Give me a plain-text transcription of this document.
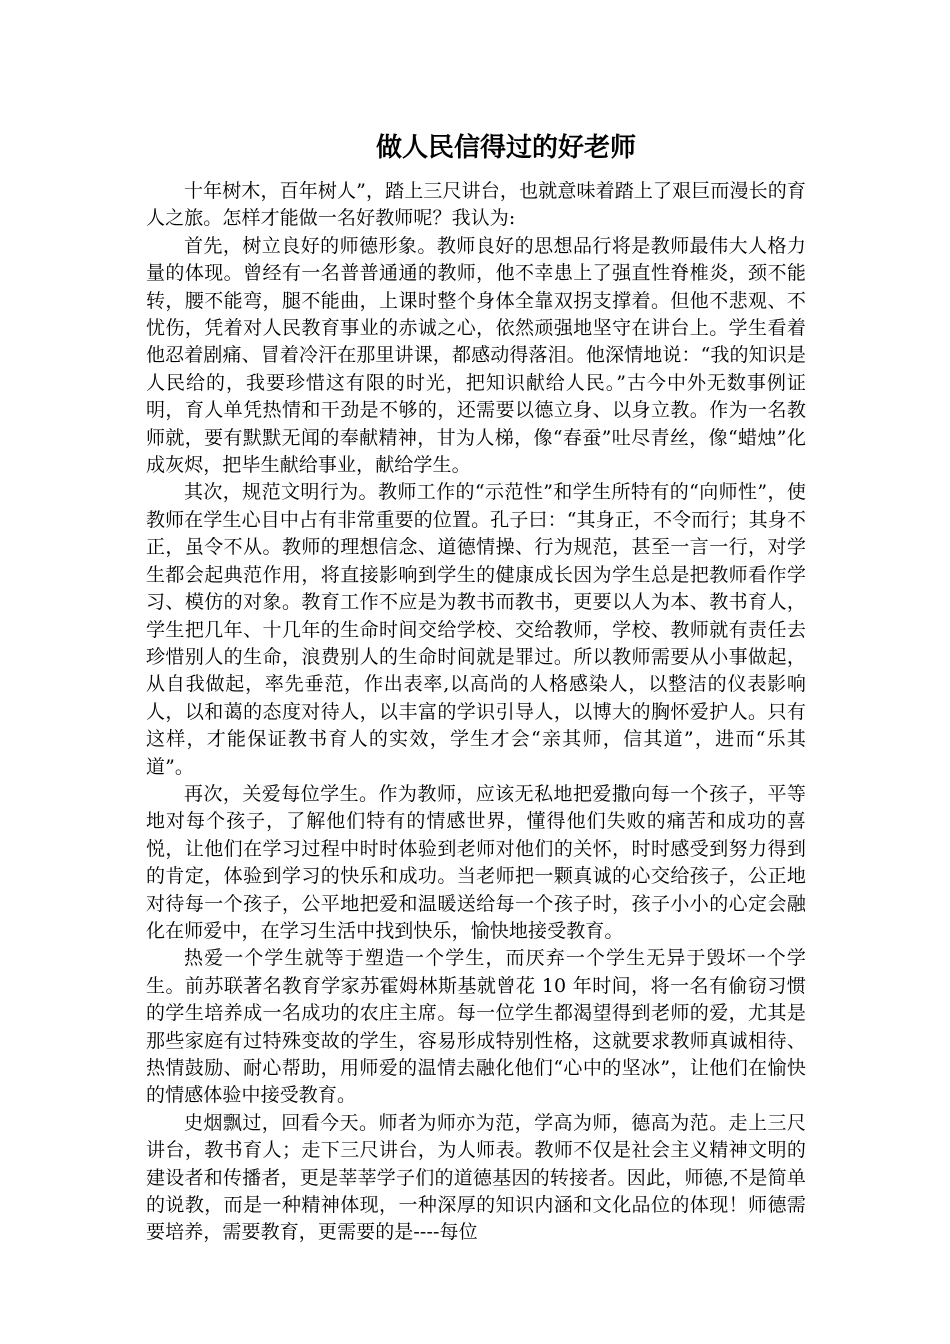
做人民信得过的好老师

十年树木，百年树人”，踏上三尺讲台，也就意味着踏上了艰巨而漫长的育人之旅。怎样才能做一名好教师呢？我认为:

首先，树立良好的师德形象。教师良好的思想品行将是教师最伟大人格力量的体现。曾经有一名普普通通的教师，他不幸患上了强直性脊椎炎，颈不能转，腰不能弯，腿不能曲，上课时整个身体全靠双拐支撑着。但他不悲观、不忧伤，凭着对人民教育事业的赤诚之心，依然顽强地坚守在讲台上。学生看着他忍着剧痛、冒着冷汗在那里讲课，都感动得落泪。他深情地说：“我的知识是人民给的，我要珍惜这有限的时光，把知识献给人民。”古今中外无数事例证明，育人单凭热情和干劲是不够的，还需要以德立身、以身立教。作为一名教师就，要有默默无闻的奉献精神，甘为人梯，像“春蚕”吐尽青丝，像“蜡烛”化成灰烬，把毕生献给事业，献给学生。

其次，规范文明行为。教师工作的“示范性”和学生所特有的“向师性”，使教师在学生心目中占有非常重要的位置。孔子曰：“其身正，不令而行；其身不正，虽令不从。教师的理想信念、道德情操、行为规范，甚至一言一行，对学生都会起典范作用，将直接影响到学生的健康成长因为学生总是把教师看作学习、模仿的对象。教育工作不应是为教书而教书，更要以人为本、教书育人，学生把几年、十几年的生命时间交给学校、交给教师，学校、教师就有责任去珍惜别人的生命，浪费别人的生命时间就是罪过。所以教师需要从小事做起，从自我做起，率先垂范，作出表率,以高尚的人格感染人，以整洁的仪表影响人，以和蔼的态度对待人，以丰富的学识引导人，以博大的胸怀爱护人。只有这样，才能保证教书育人的实效，学生才会“亲其师，信其道”，进而“乐其道”。

再次，关爱每位学生。作为教师，应该无私地把爱撒向每一个孩子，平等地对每个孩子，了解他们特有的情感世界，懂得他们失败的痛苦和成功的喜悦，让他们在学习过程中时时体验到老师对他们的关怀，时时感受到努力得到的肯定，体验到学习的快乐和成功。当老师把一颗真诚的心交给孩子，公正地对待每一个孩子，公平地把爱和温暖送给每一个孩子时，孩子小小的心定会融化在师爱中，在学习生活中找到快乐，愉快地接受教育。

热爱一个学生就等于塑造一个学生，而厌弃一个学生无异于毁坏一个学生。前苏联著名教育学家苏霍姆林斯基就曾花 10 年时间，将一名有偷窃习惯的学生培养成一名成功的农庄主席。每一位学生都渴望得到老师的爱，尤其是那些家庭有过特殊变故的学生，容易形成特别性格，这就要求教师真诚相待、热情鼓励、耐心帮助，用师爱的温情去融化他们“心中的坚冰”，让他们在愉快的情感体验中接受教育。

史烟飘过，回看今天。师者为师亦为范，学高为师，德高为范。走上三尺讲台，教书育人；走下三尺讲台，为人师表。教师不仅是社会主义精神文明的建设者和传播者，更是莘莘学子们的道德基因的转接者。因此，师德,不是简单的说教，而是一种精神体现，一种深厚的知识内涵和文化品位的体现！师德需要培养，需要教育，更需要的是----每位
